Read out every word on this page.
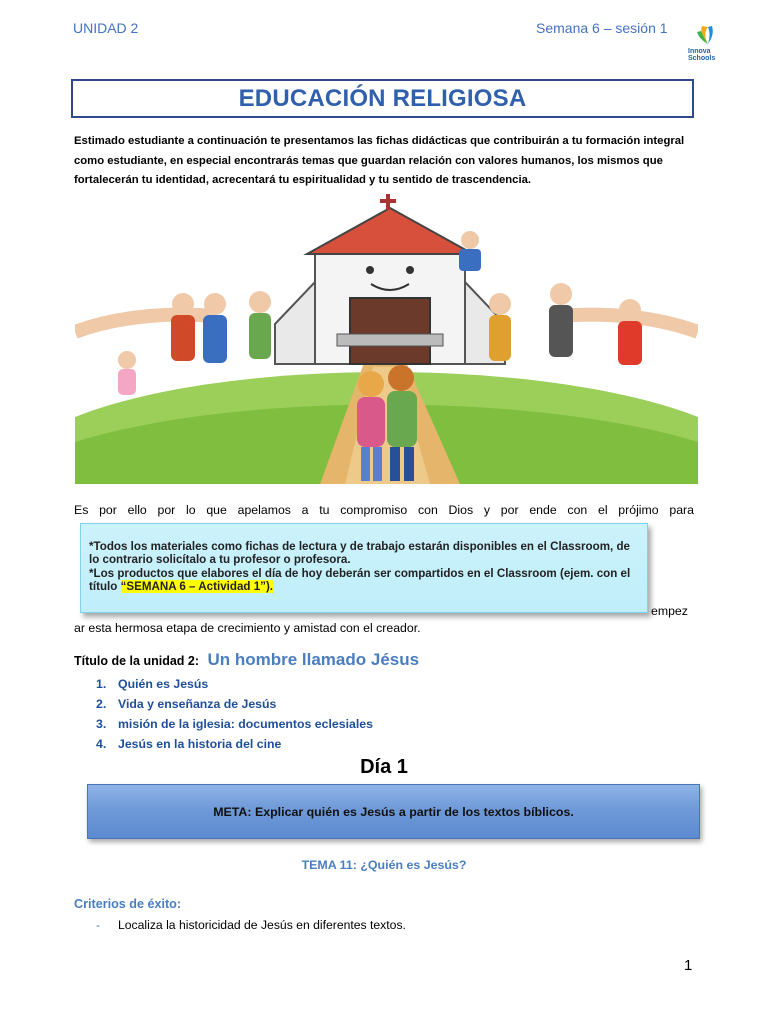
UNIDAD 2	Semana 6 – sesión 1
Innova Schools
EDUCACIÓN RELIGIOSA
Estimado estudiante a continuación te presentamos las fichas didácticas que contribuirán a tu formación integral como estudiante, en especial encontrarás temas que guardan relación con valores humanos, los mismos que fortalecerán tu identidad, acrecentará tu espiritualidad y tu sentido de trascendencia.
Es por ello por lo que apelamos a tu compromiso con Dios y por ende con el prójimo para
*Todos los materiales como fichas de lectura y de trabajo estarán disponibles en el Classroom, de lo contrario solicítalo a tu profesor o profesora.
*Los productos que elabores el día de hoy deberán ser compartidos en el Classroom (ejem. con el título “SEMANA 6 – Actividad 1”).
empez
ar esta hermosa etapa de crecimiento y amistad con el creador.
Título de la unidad 2: Un hombre llamado Jésus
1. Quién es Jesús
2. Vida y enseñanza de Jesús
3. misión de la iglesia: documentos eclesiales
4. Jesús en la historia del cine
Día 1
META: Explicar quién es Jesús a partir de los textos bíblicos.
TEMA 11: ¿Quién es Jesús?
Criterios de éxito:
- Localiza la historicidad de Jesús en diferentes textos.
1
